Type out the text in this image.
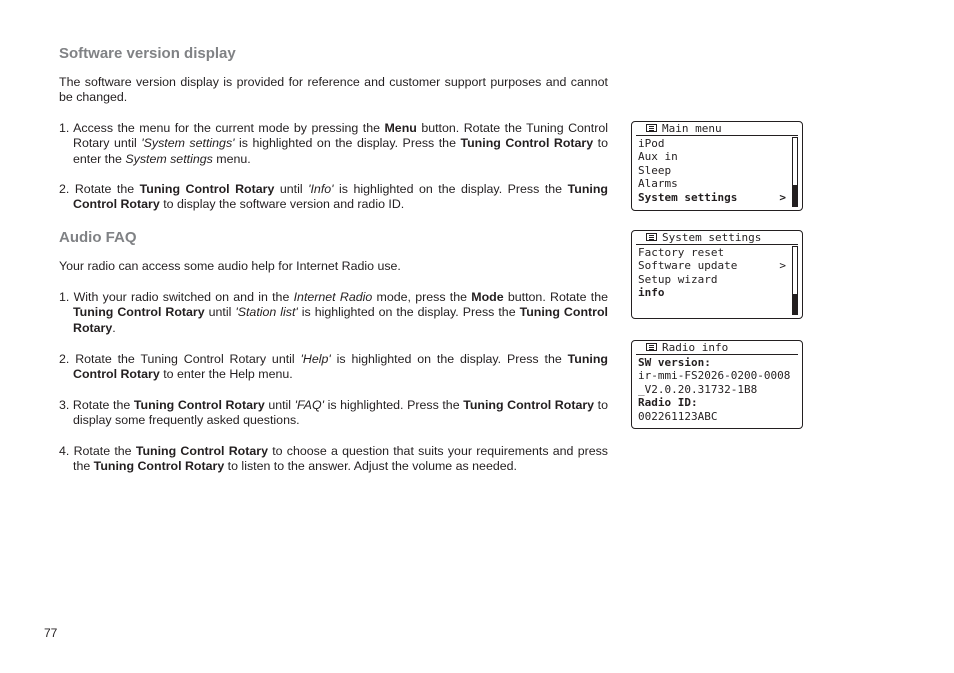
Software version display

The software version display is provided for reference and customer support purposes and cannot be changed.

1. Access the menu for the current mode by pressing the Menu button. Rotate the Tuning Control Rotary until 'System settings' is highlighted on the display. Press the Tuning Control Rotary to enter the System settings menu.

2. Rotate the Tuning Control Rotary until 'Info' is highlighted on the display. Press the Tuning Control Rotary to display the software version and radio ID.

Audio FAQ

Your radio can access some audio help for Internet Radio use.

1. With your radio switched on and in the Internet Radio mode, press the Mode button. Rotate the Tuning Control Rotary until 'Station list' is highlighted on the display. Press the Tuning Control Rotary.

2. Rotate the Tuning Control Rotary until 'Help' is highlighted on the display. Press the Tuning Control Rotary to enter the Help menu.

3. Rotate the Tuning Control Rotary until 'FAQ' is highlighted. Press the Tuning Control Rotary to display some frequently asked questions.

4. Rotate the Tuning Control Rotary to choose a question that suits your requirements and press the Tuning Control Rotary to listen to the answer. Adjust the volume as needed.

Main menu
iPod
Aux in
Sleep
Alarms
System settings	>
System settings
Factory reset
Software update	>
Setup wizard
info
Radio info
SW version:
ir-mmi-FS2026-0200-0008
_V2.0.20.31732-1B8
Radio ID:
002261123ABC
77
